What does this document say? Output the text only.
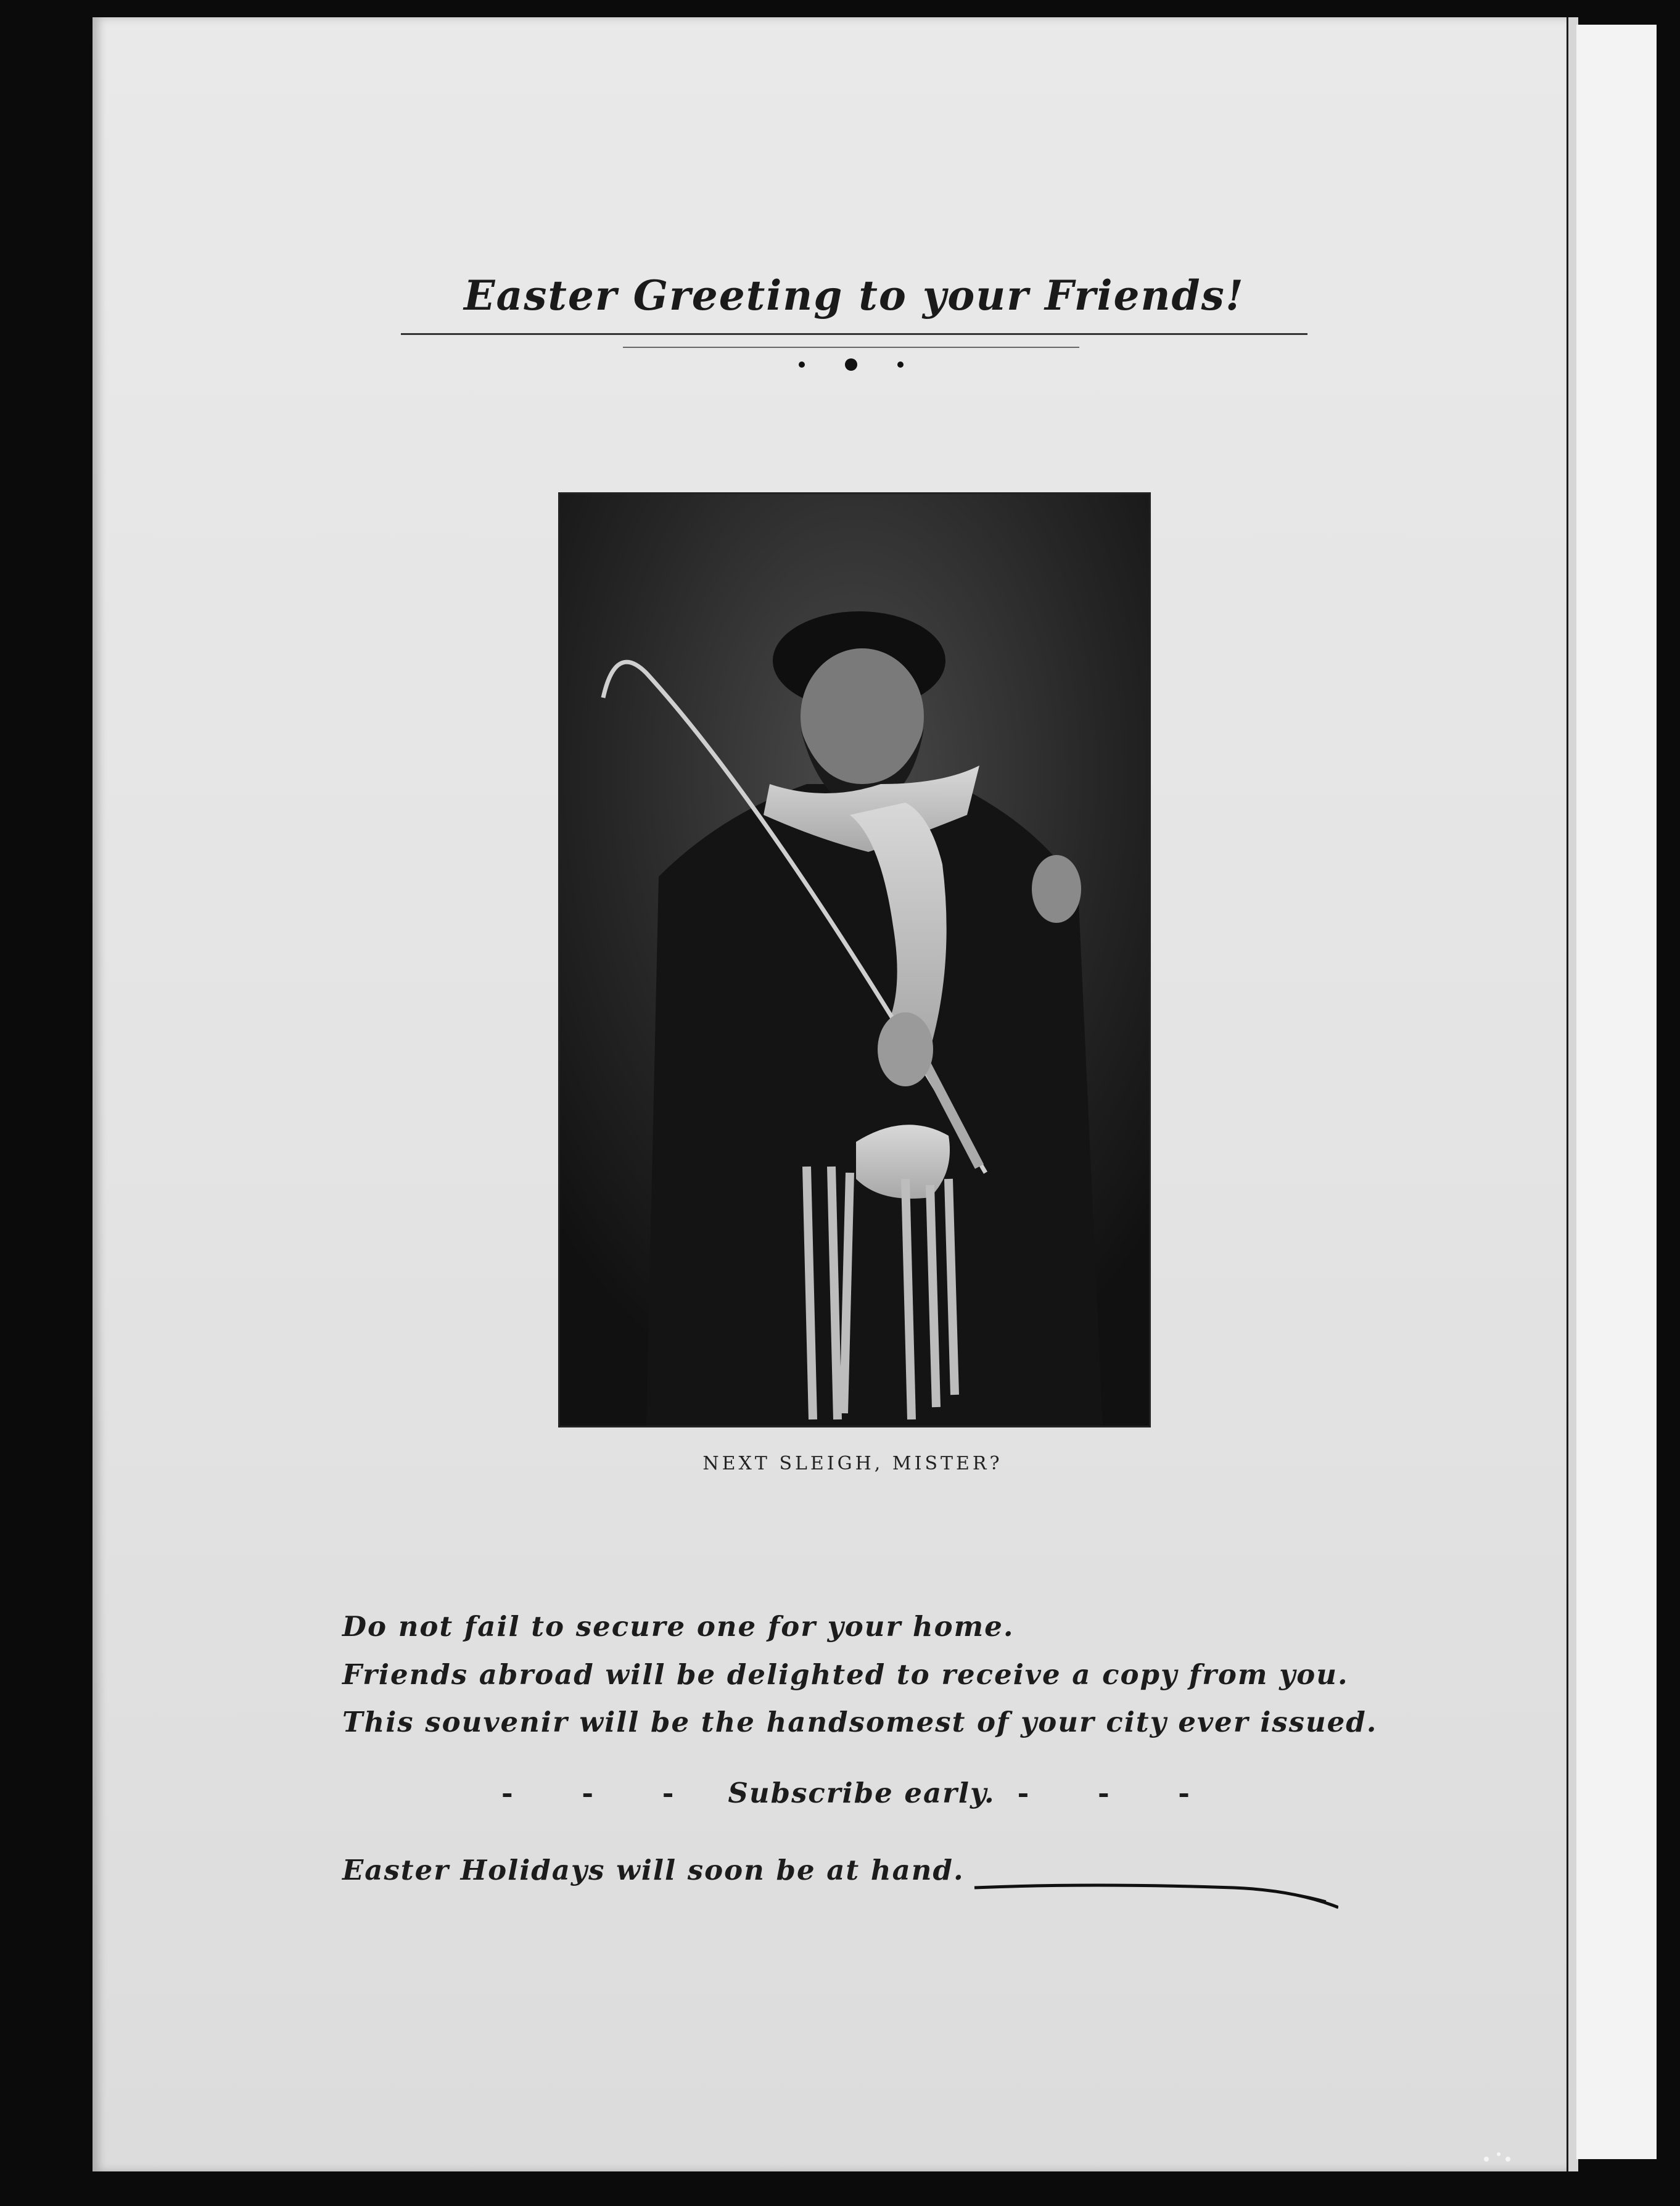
Easter Greeting to your Friends!
NEXT SLEIGH, MISTER?
Do not fail to secure one for your home.
Friends abroad will be delighted to receive a copy from you.
This souvenir will be the handsomest of your city ever issued.
- - - Subscribe early. - - -
Easter Holidays will soon be at hand.
